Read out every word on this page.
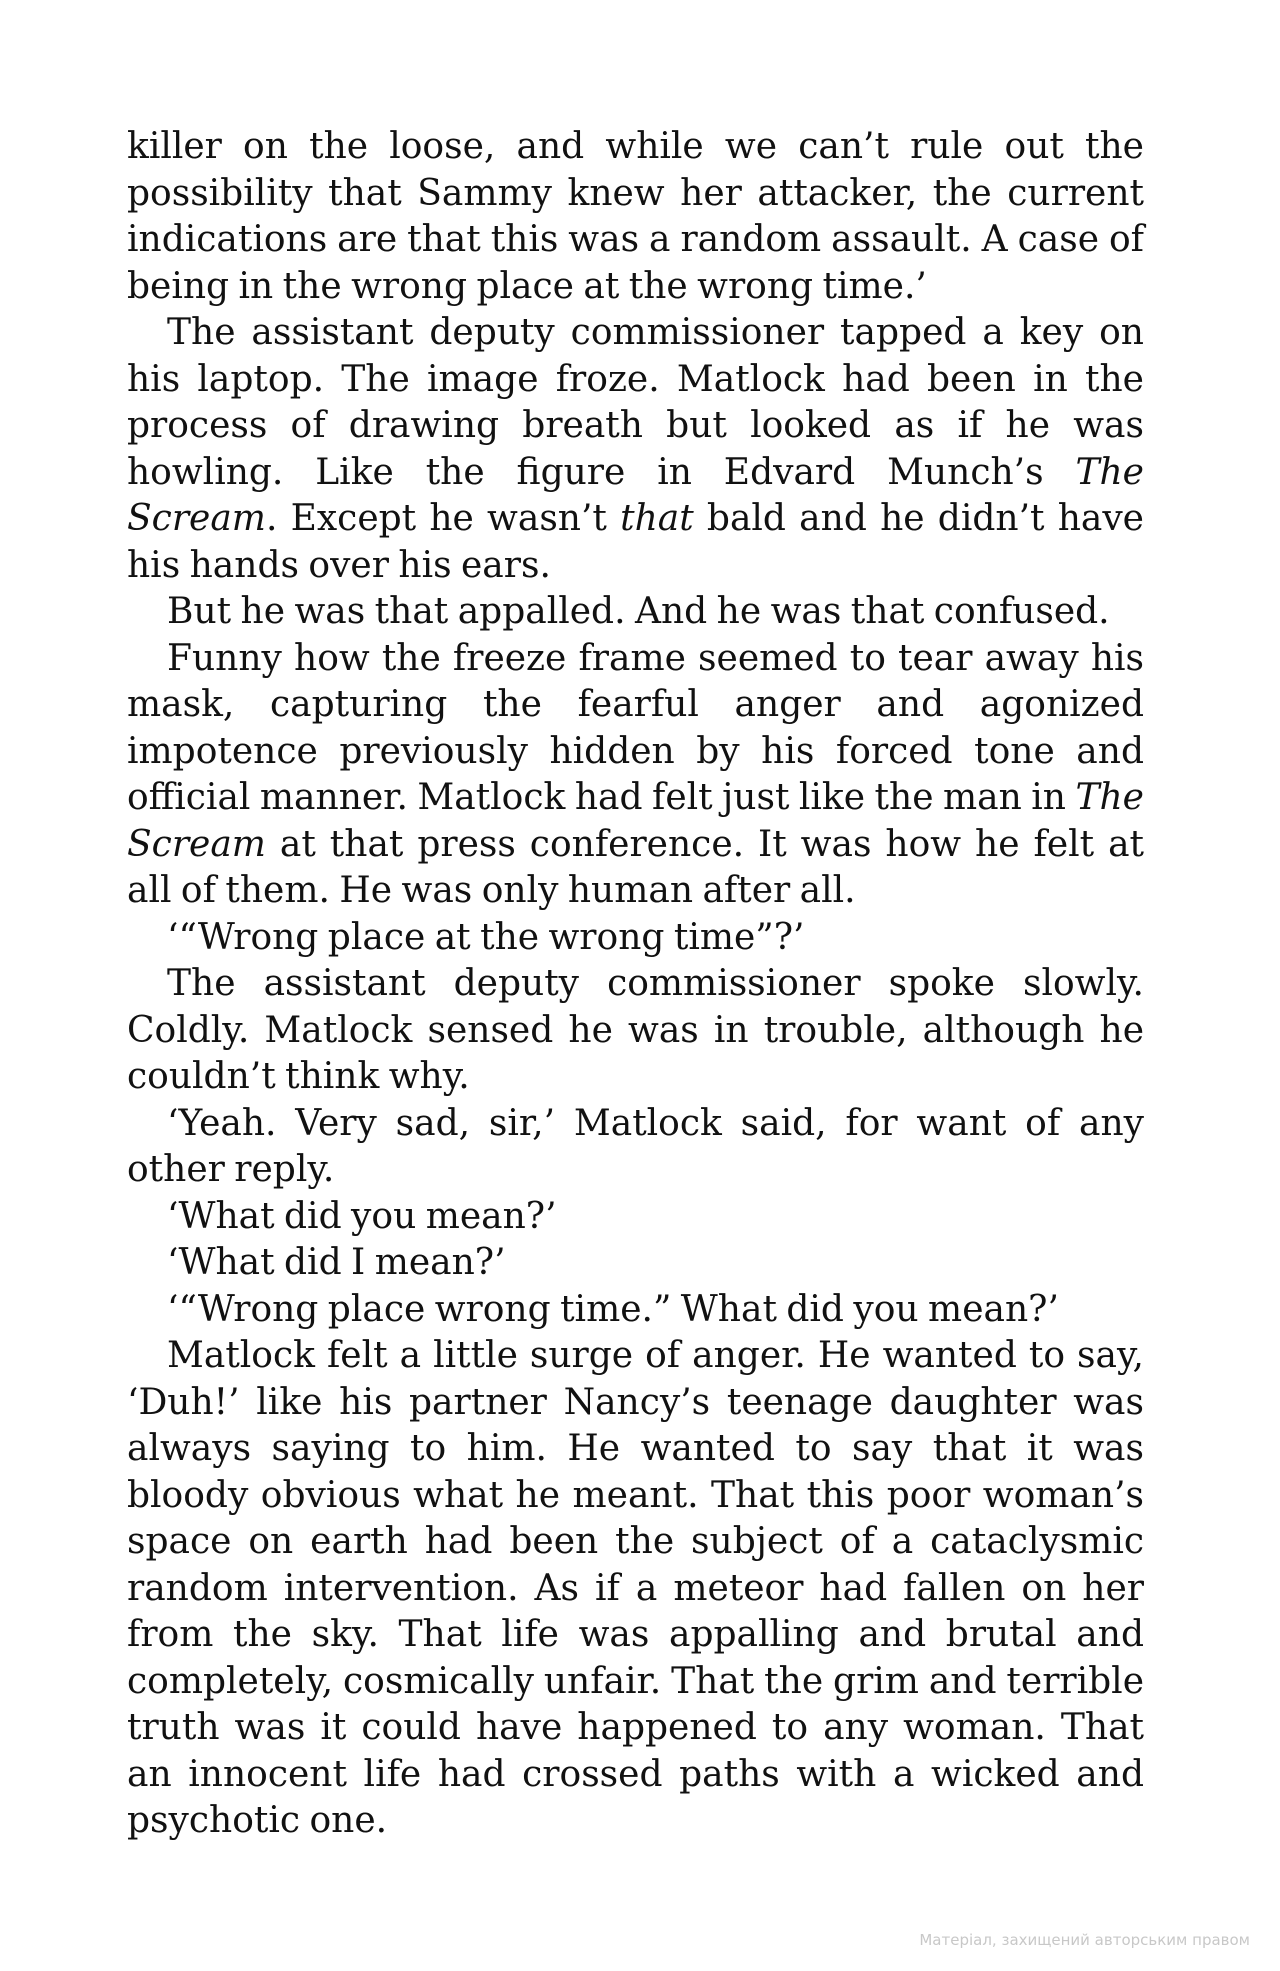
killer on the loose, and while we can’t rule out the possibility that Sammy knew her attacker, the current indications are that this was a random assault. A case of being in the wrong place at the wrong time.’

The assistant deputy commissioner tapped a key on his laptop. The image froze. Matlock had been in the process of drawing breath but looked as if he was howling. Like the figure in Edvard Munch’s The Scream. Except he wasn’t that bald and he didn’t have his hands over his ears.

But he was that appalled. And he was that confused.

Funny how the freeze frame seemed to tear away his mask, capturing the fearful anger and agonized impotence previously hidden by his forced tone and official manner. Matlock had felt just like the man in The Scream at that press conference. It was how he felt at all of them. He was only human after all.

‘“Wrong place at the wrong time”?’

The assistant deputy commissioner spoke slowly. Coldly. Matlock sensed he was in trouble, although he couldn’t think why.

‘Yeah. Very sad, sir,’ Matlock said, for want of any other reply.

‘What did you mean?’

‘What did I mean?’

‘“Wrong place wrong time.” What did you mean?’

Matlock felt a little surge of anger. He wanted to say, ‘Duh!’ like his partner Nancy’s teenage daughter was always saying to him. He wanted to say that it was bloody obvious what he meant. That this poor woman’s space on earth had been the subject of a cataclysmic random intervention. As if a meteor had fallen on her from the sky. That life was appalling and brutal and completely, cosmically unfair. That the grim and terrible truth was it could have happened to any woman. That an innocent life had crossed paths with a wicked and psychotic one.

Матеріал, захищений авторським правом
